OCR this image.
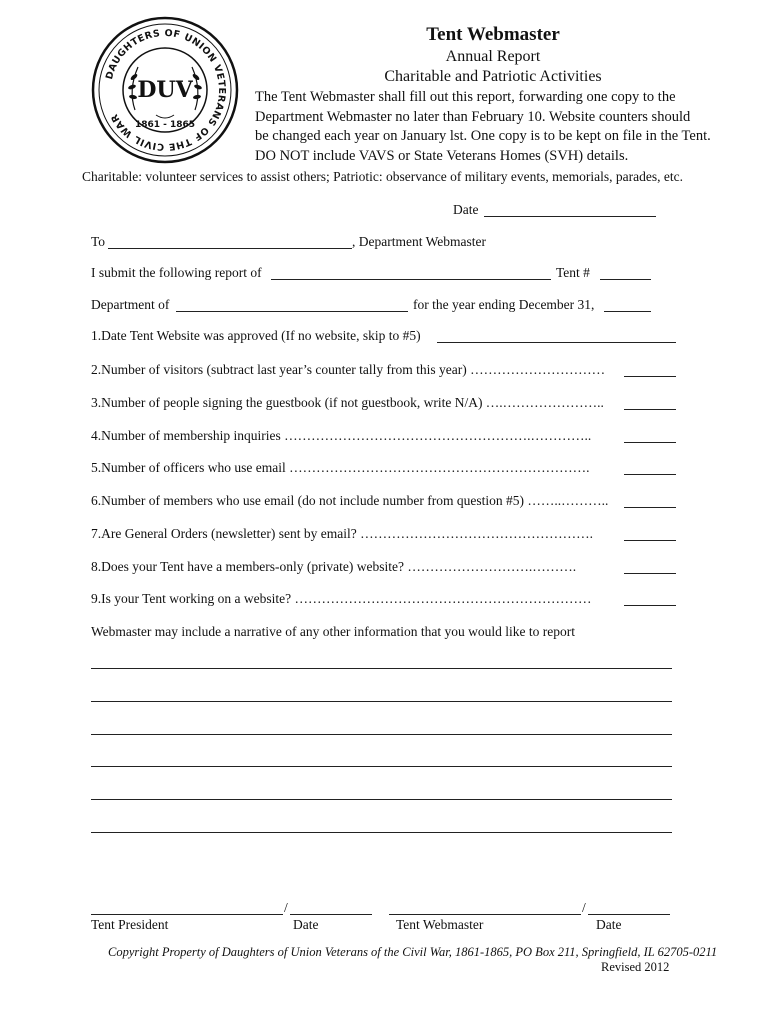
DAUGHTERS OF UNION VETERANS OF THE CIVIL WAR
DUV
1861 - 1865
Tent Webmaster
Annual Report
Charitable and Patriotic Activities
The Tent Webmaster shall fill out this report, forwarding one copy to the
Department Webmaster no later than February 10. Website counters should
be changed each year on January lst. One copy is to be kept on file in the Tent.
DO NOT include VAVS or State Veterans Homes (SVH) details.
Charitable: volunteer services to assist others; Patriotic: observance of military events, memorials, parades, etc.
Date
To	, Department Webmaster
I submit the following report of	Tent #
Department of	for the year ending December 31,
1.Date Tent Website was approved (If no website, skip to #5)
2.Number of visitors (subtract last year’s counter tally from this year) …………………………
3.Number of people signing the guestbook (if not guestbook, write N/A) ….…………………..
4.Number of membership inquiries ……………………………………………….…………..
5.Number of officers who use email ………………………………………………………….
6.Number of members who use email (do not include number from question #5) ……..………..
7.Are General Orders (newsletter) sent by email? …………………………………………….
8.Does your Tent have a members-only (private) website? ……………………….……….
9.Is your Tent working on a website? …………………………………………………………
Webmaster may include a narrative of any other information that you would like to report
/	/
Tent President	Date	Tent Webmaster	Date
Copyright Property of Daughters of Union Veterans of the Civil War, 1861-1865, PO Box 211, Springfield, IL 62705-0211
Revised 2012
